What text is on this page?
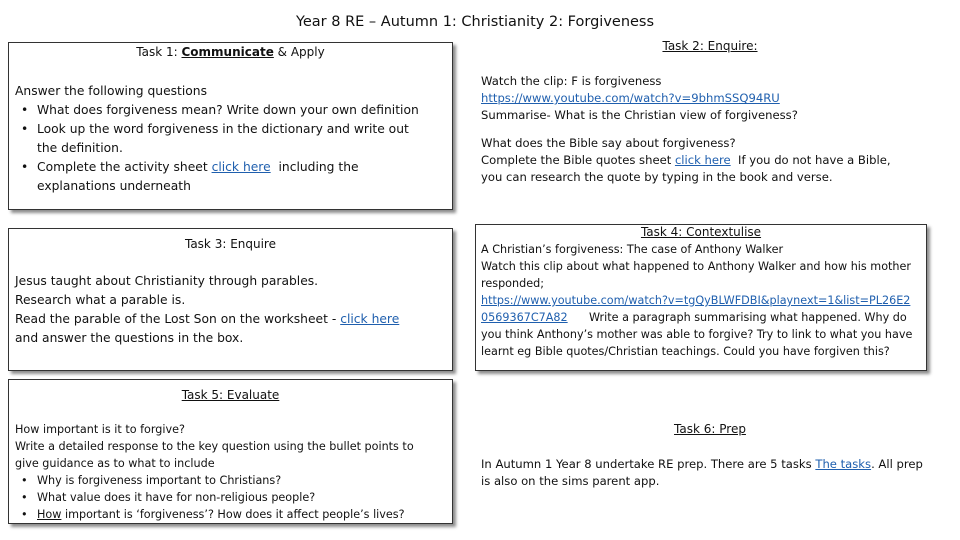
Year 8 RE – Autumn 1: Christianity 2: Forgiveness
Task 1: Communicate & Apply
Answer the following questions
• What does forgiveness mean? Write down your own definition
• Look up the word forgiveness in the dictionary and write out
the definition.
• Complete the activity sheet click here  including the
explanations underneath
Task 2: Enquire:
Watch the clip: F is forgiveness
https://www.youtube.com/watch?v=9bhmSSQ94RU
Summarise- What is the Christian view of forgiveness?
What does the Bible say about forgiveness?
Complete the Bible quotes sheet click here  If you do not have a Bible,
you can research the quote by typing in the book and verse.
Task 3: Enquire
Jesus taught about Christianity through parables.
Research what a parable is.
Read the parable of the Lost Son on the worksheet - click here
and answer the questions in the box.
Task 4: Contextulise
A Christian’s forgiveness: The case of Anthony Walker
Watch this clip about what happened to Anthony Walker and how his mother
responded;
https://www.youtube.com/watch?v=tgQyBLWFDBI&playnext=1&list=PL26E2
0569367C7A82      Write a paragraph summarising what happened. Why do
you think Anthony’s mother was able to forgive? Try to link to what you have
learnt eg Bible quotes/Christian teachings. Could you have forgiven this?
Task 5: Evaluate
How important is it to forgive?
Write a detailed response to the key question using the bullet points to
give guidance as to what to include
• Why is forgiveness important to Christians?
• What value does it have for non-religious people?
• How important is ‘forgiveness’? How does it affect people’s lives?
Task 6: Prep
In Autumn 1 Year 8 undertake RE prep. There are 5 tasks The tasks. All prep
is also on the sims parent app.
